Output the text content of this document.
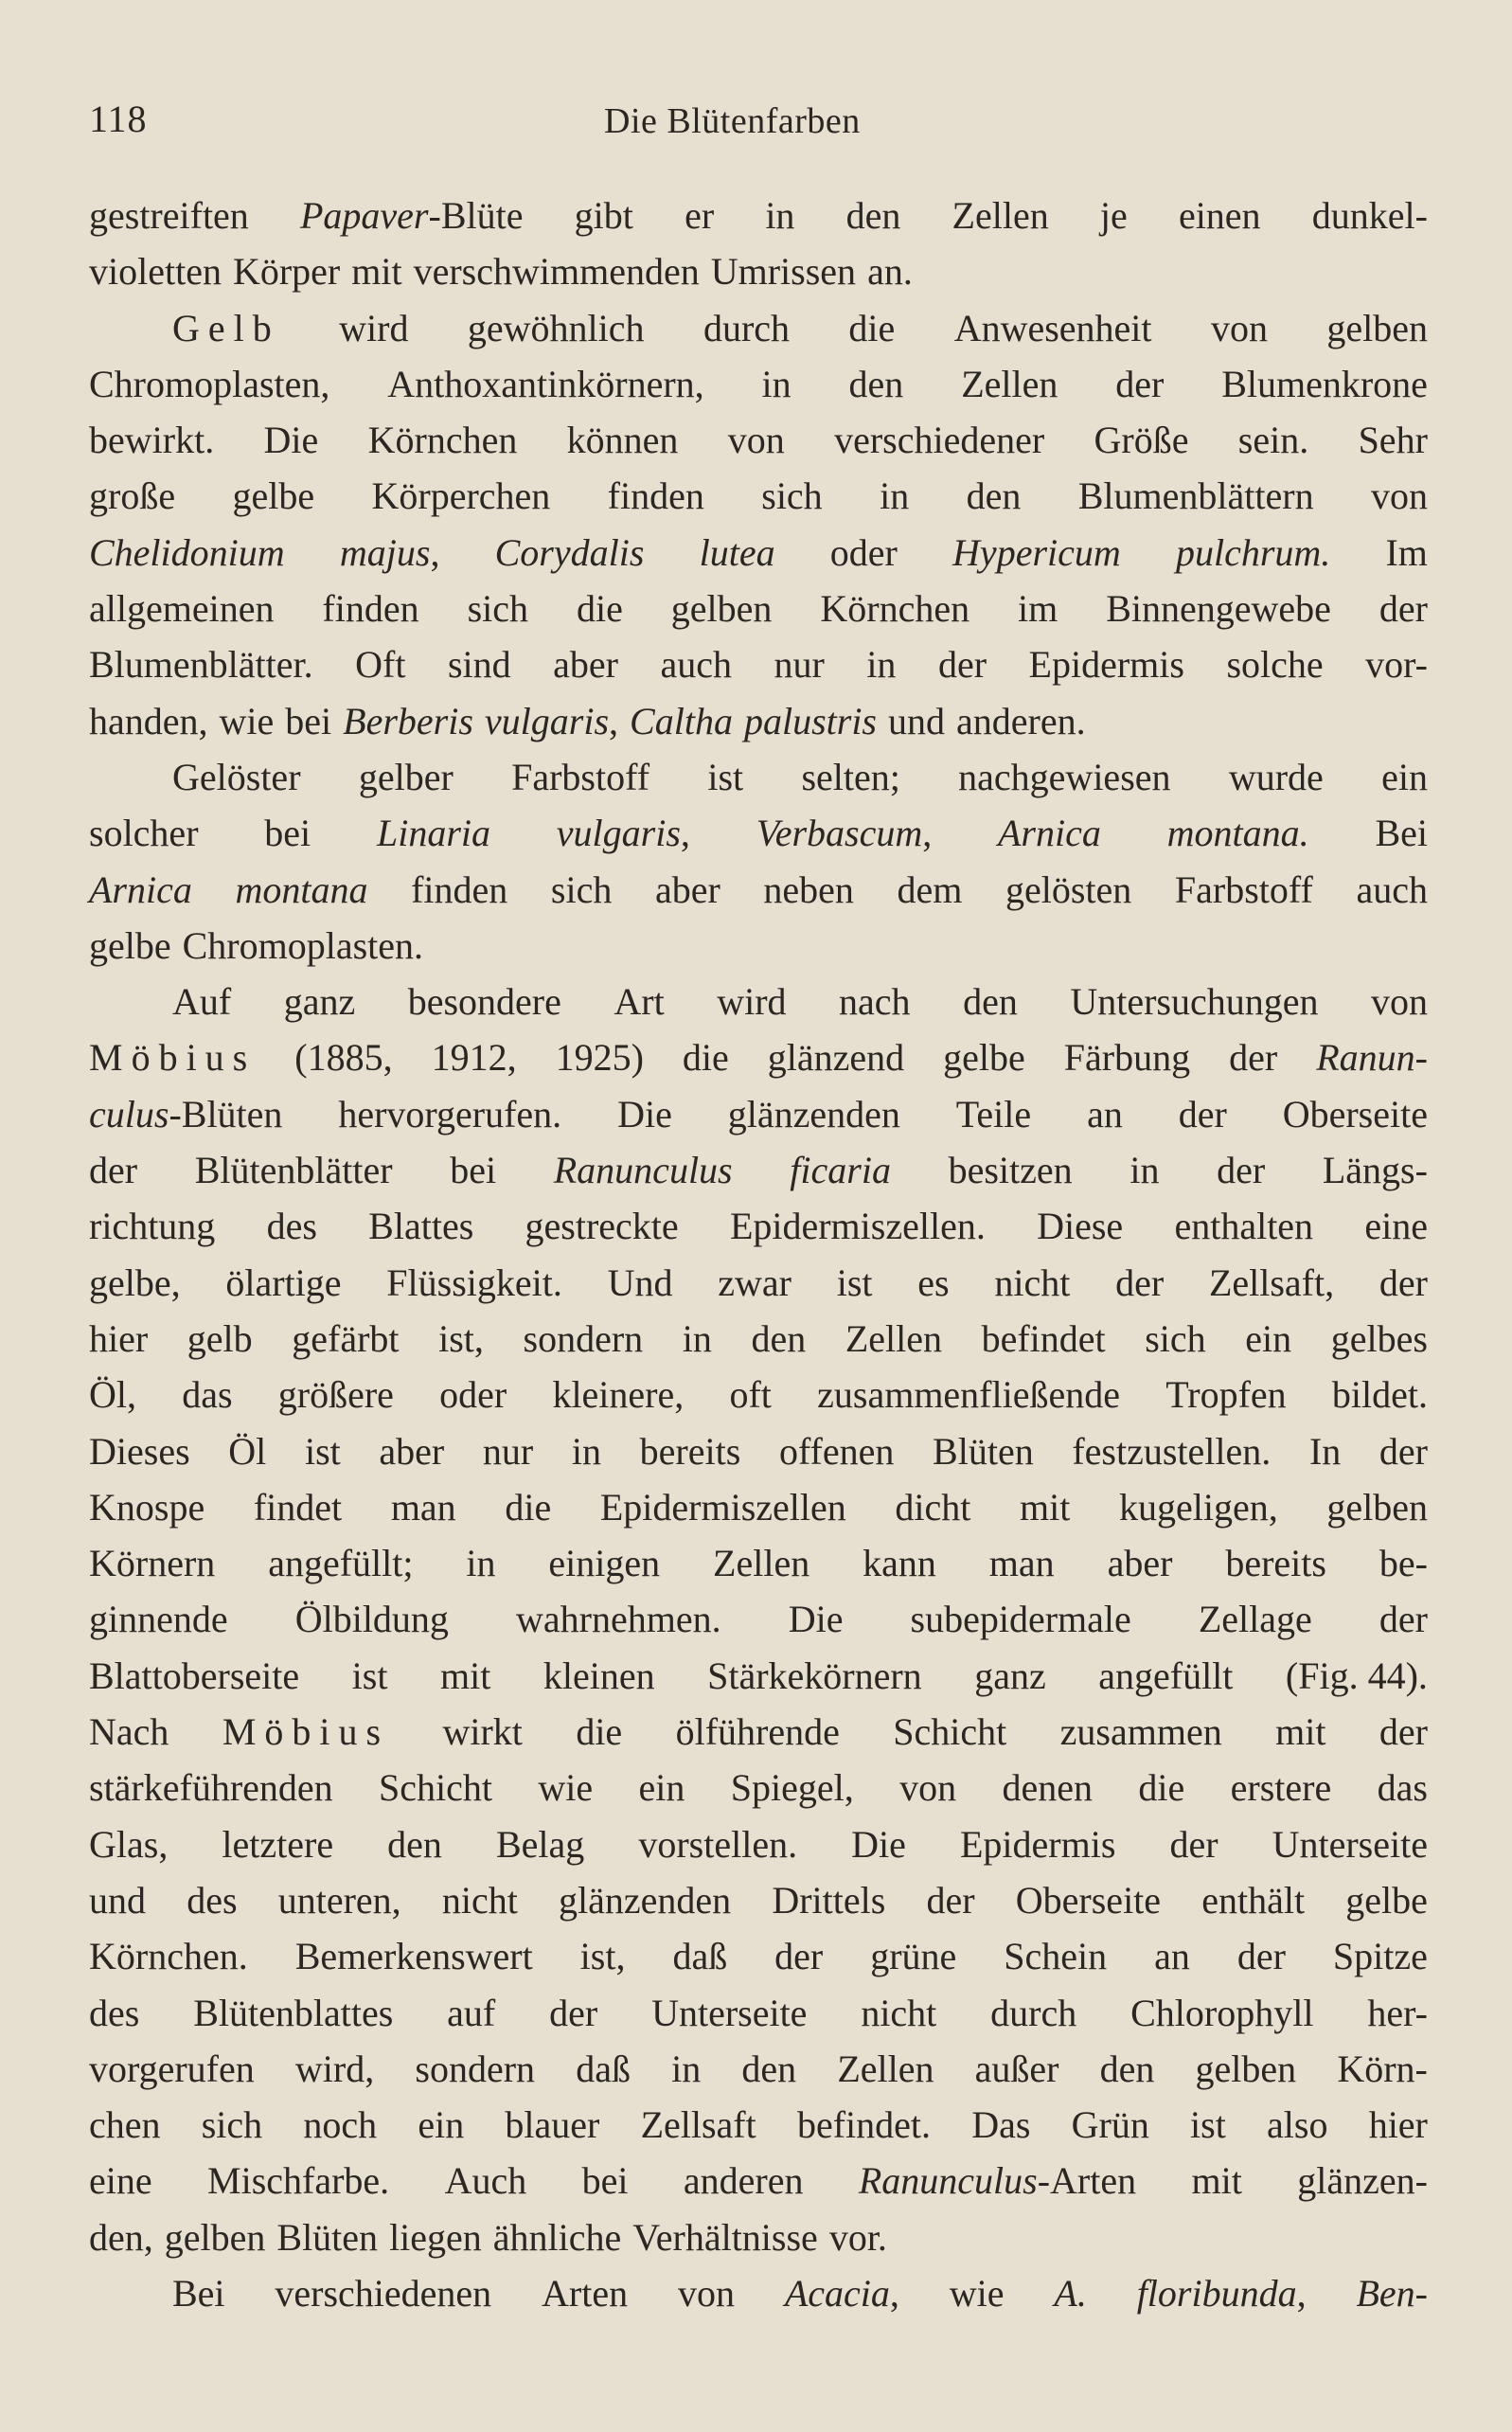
118	Die Blütenfarben
gestreiften Papaver-Blüte gibt er in den Zellen je einen dunkel-
violetten Körper mit verschwimmenden Umrissen an.
Gelb wird gewöhnlich durch die Anwesenheit von gelben
Chromoplasten, Anthoxantinkörnern, in den Zellen der Blumenkrone
bewirkt. Die Körnchen können von verschiedener Größe sein. Sehr
große gelbe Körperchen finden sich in den Blumenblättern von
Chelidonium majus, Corydalis lutea oder Hypericum pulchrum. Im
allgemeinen finden sich die gelben Körnchen im Binnengewebe der
Blumenblätter. Oft sind aber auch nur in der Epidermis solche vor-
handen, wie bei Berberis vulgaris, Caltha palustris und anderen.
Gelöster gelber Farbstoff ist selten; nachgewiesen wurde ein
solcher bei Linaria vulgaris, Verbascum, Arnica montana. Bei
Arnica montana finden sich aber neben dem gelösten Farbstoff auch
gelbe Chromoplasten.
Auf ganz besondere Art wird nach den Untersuchungen von
Möbius (1885, 1912, 1925) die glänzend gelbe Färbung der Ranun-
culus-Blüten hervorgerufen. Die glänzenden Teile an der Oberseite
der Blütenblätter bei Ranunculus ficaria besitzen in der Längs-
richtung des Blattes gestreckte Epidermiszellen. Diese enthalten eine
gelbe, ölartige Flüssigkeit. Und zwar ist es nicht der Zellsaft, der
hier gelb gefärbt ist, sondern in den Zellen befindet sich ein gelbes
Öl, das größere oder kleinere, oft zusammenfließende Tropfen bildet.
Dieses Öl ist aber nur in bereits offenen Blüten festzustellen. In der
Knospe findet man die Epidermiszellen dicht mit kugeligen, gelben
Körnern angefüllt; in einigen Zellen kann man aber bereits be-
ginnende Ölbildung wahrnehmen. Die subepidermale Zellage der
Blattoberseite ist mit kleinen Stärkekörnern ganz angefüllt (Fig. 44).
Nach Möbius wirkt die ölführende Schicht zusammen mit der
stärkeführenden Schicht wie ein Spiegel, von denen die erstere das
Glas, letztere den Belag vorstellen. Die Epidermis der Unterseite
und des unteren, nicht glänzenden Drittels der Oberseite enthält gelbe
Körnchen. Bemerkenswert ist, daß der grüne Schein an der Spitze
des Blütenblattes auf der Unterseite nicht durch Chlorophyll her-
vorgerufen wird, sondern daß in den Zellen außer den gelben Körn-
chen sich noch ein blauer Zellsaft befindet. Das Grün ist also hier
eine Mischfarbe. Auch bei anderen Ranunculus-Arten mit glänzen-
den, gelben Blüten liegen ähnliche Verhältnisse vor.
Bei verschiedenen Arten von Acacia, wie A. floribunda, Ben-
